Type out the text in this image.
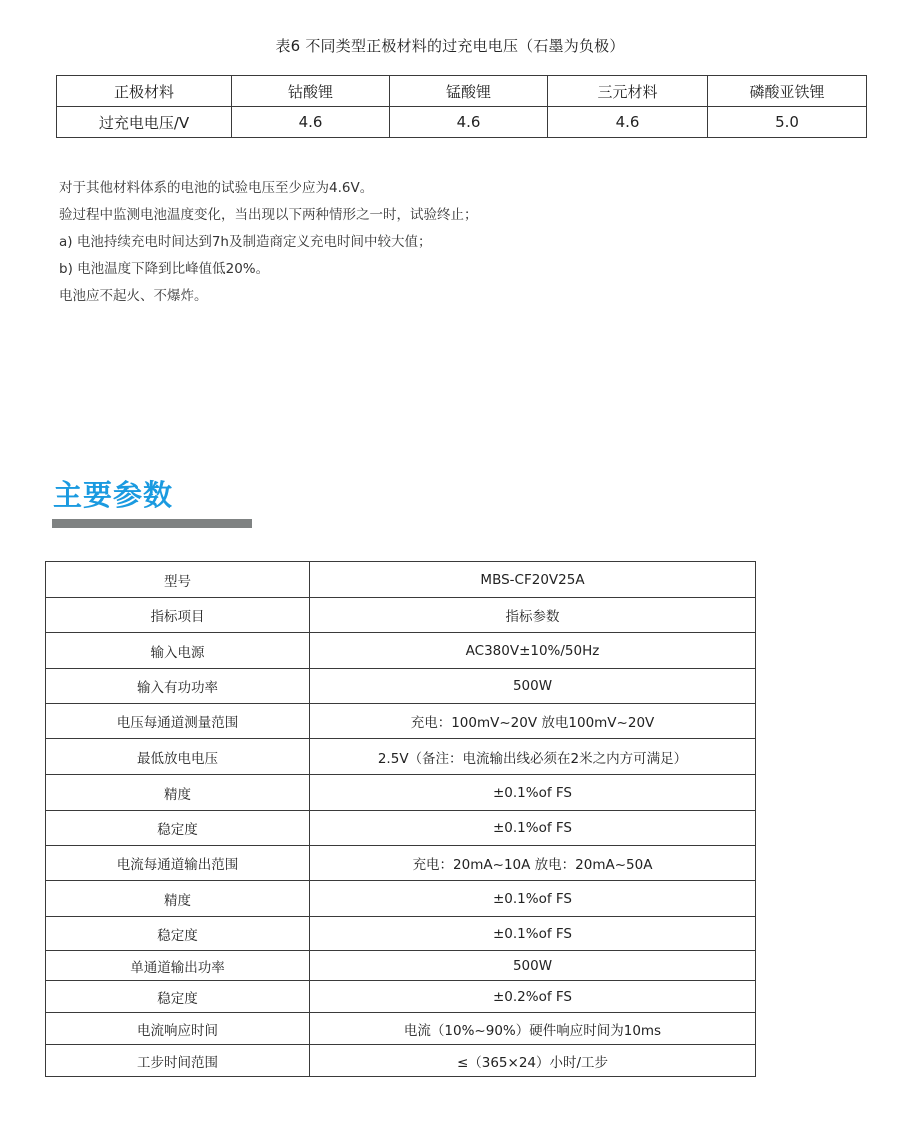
表6 不同类型正极材料的过充电电压（石墨为负极）
正极材料	钴酸锂	锰酸锂	三元材料	磷酸亚铁锂
过充电电压/V	4.6	4.6	4.6	5.0

对于其他材料体系的电池的试验电压至少应为4.6V。

验过程中监测电池温度变化，当出现以下两种情形之一时，试验终止；

a) 电池持续充电时间达到7h及制造商定义充电时间中较大值；

b) 电池温度下降到比峰值低20%。

电池应不起火、不爆炸。

主要参数
型号	MBS-CF20V25A
指标项目	指标参数
输入电源	AC380V±10%/50Hz
输入有功功率	500W
电压每通道测量范围	充电：100mV~20V 放电100mV~20V
最低放电电压	2.5V（备注：电流输出线必须在2米之内方可满足）
精度	±0.1%of FS
稳定度	±0.1%of FS
电流每通道输出范围	充电：20mA~10A 放电：20mA~50A
精度	±0.1%of FS
稳定度	±0.1%of FS
单通道输出功率	500W
稳定度	±0.2%of FS
电流响应时间	电流（10%~90%）硬件响应时间为10ms
工步时间范围	≤（365×24）小时/工步
